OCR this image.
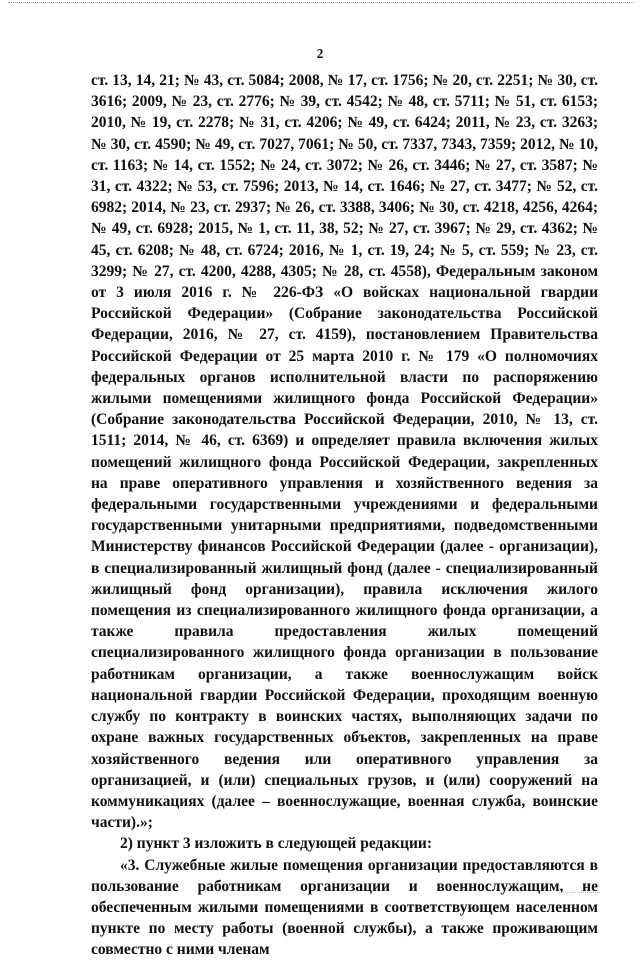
2

ст. 13, 14, 21; № 43, ст. 5084; 2008, № 17, ст. 1756; № 20, ст. 2251; № 30, ст. 3616; 2009, № 23, ст. 2776; № 39, ст. 4542; № 48, ст. 5711; № 51, ст. 6153; 2010, № 19, ст. 2278; № 31, ст. 4206; № 49, ст. 6424; 2011, № 23, ст. 3263; № 30, ст. 4590; № 49, ст. 7027, 7061; № 50, ст. 7337, 7343, 7359; 2012, № 10, ст. 1163; № 14, ст. 1552; № 24, ст. 3072; № 26, ст. 3446; № 27, ст. 3587; № 31, ст. 4322; № 53, ст. 7596; 2013, № 14, ст. 1646; № 27, ст. 3477; № 52, ст. 6982; 2014, № 23, ст. 2937; № 26, ст. 3388, 3406; № 30, ст. 4218, 4256, 4264; № 49, ст. 6928; 2015, № 1, ст. 11, 38, 52; № 27, ст. 3967; № 29, ст. 4362; № 45, ст. 6208; № 48, ст. 6724; 2016, № 1, ст. 19, 24; № 5, ст. 559; № 23, ст. 3299; № 27, ст. 4200, 4288, 4305; № 28, ст. 4558), Федеральным законом от 3 июля 2016 г. № 226-ФЗ «О войсках национальной гвардии Российской Федерации» (Собрание законодательства Российской Федерации, 2016, № 27, ст. 4159), постановлением Правительства Российской Федерации от 25 марта 2010 г. № 179 «О полномочиях федеральных органов исполнительной власти по распоряжению жилыми помещениями жилищного фонда Российской Федерации» (Собрание законодательства Российской Федерации, 2010, № 13, ст. 1511; 2014, № 46, ст. 6369) и определяет правила включения жилых помещений жилищного фонда Российской Федерации, закрепленных на праве оперативного управления и хозяйственного ведения за федеральными государственными учреждениями и федеральными государственными унитарными предприятиями, подведомственными Министерству финансов Российской Федерации (далее - организации), в специализированный жилищный фонд (далее - специализированный жилищный фонд организации), правила исключения жилого помещения из специализированного жилищного фонда организации, а также правила предоставления жилых помещений специализированного жилищного фонда организации в пользование работникам организации, а также военнослужащим войск национальной гвардии Российской Федерации, проходящим военную службу по контракту в воинских частях, выполняющих задачи по охране важных государственных объектов, закрепленных на праве хозяйственного ведения или оперативного управления за организацией, и (или) специальных грузов, и (или) сооружений на коммуникациях (далее – военнослужащие, военная служба, воинские части).»;

2) пункт 3 изложить в следующей редакции:

«3. Служебные жилые помещения организации предоставляются в пользование работникам организации и военнослужащим, не обеспеченным жилыми помещениями в соответствующем населенном пункте по месту работы (военной службы), а также проживающим совместно с ними членам
